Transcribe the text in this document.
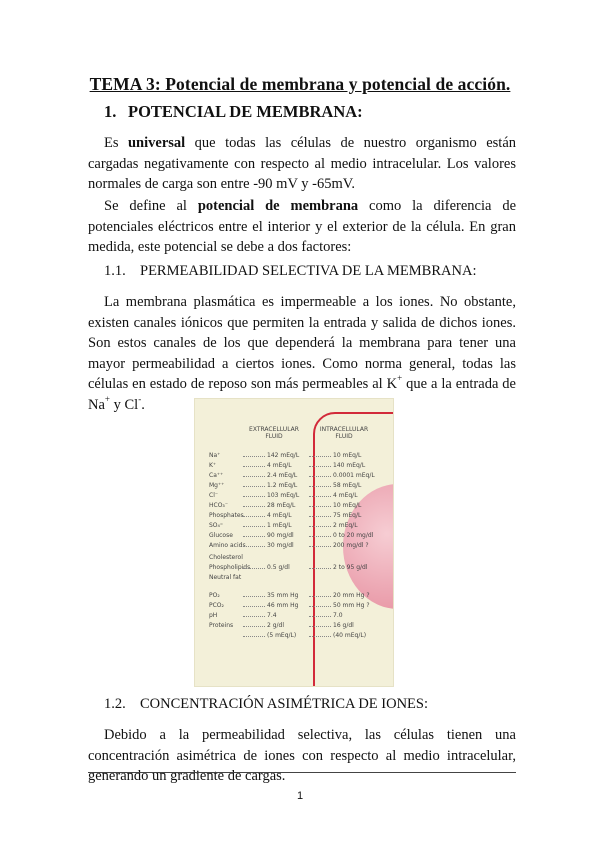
TEMA 3: Potencial de membrana y potencial de acción.
1. POTENCIAL DE MEMBRANA:
Es universal que todas las células de nuestro organismo están cargadas negativamente con respecto al medio intracelular. Los valores normales de carga son entre -90 mV y -65mV.
Se define al potencial de membrana como la diferencia de potenciales eléctricos entre el interior y el exterior de la célula. En gran medida, este potencial se debe a dos factores:
1.1. PERMEABILIDAD SELECTIVA DE LA MEMBRANA:
La membrana plasmática es impermeable a los iones. No obstante, existen canales iónicos que permiten la entrada y salida de dichos iones. Son estos canales de los que dependerá la membrana para tener una mayor permeabilidad a ciertos iones. Como norma general, todas las células en estado de reposo son más permeables al K+ que a la entrada de Na+ y Cl-.
EXTRACELLULAR
FLUID
INTRACELLULAR
FLUID
Na⁺	142 mEq/L	10 mEq/L
K⁺	4 mEq/L	140 mEq/L
Ca⁺⁺	2.4 mEq/L	0.0001 mEq/L
Mg⁺⁺	1.2 mEq/L	58 mEq/L
Cl⁻	103 mEq/L	4 mEq/L
HCO₃⁻	28 mEq/L	10 mEq/L
Phosphates	4 mEq/L	75 mEq/L
SO₄⁼	1 mEq/L	2 mEq/L
Glucose	90 mg/dl	0 to 20 mg/dl
Amino acids	30 mg/dl	200 mg/dl ?
Cholesterol
Phospholipids	0.5 g/dl	2 to 95 g/dl
Neutral fat
PO₂	35 mm Hg	20 mm Hg ?
PCO₂	46 mm Hg	50 mm Hg ?
pH	7.4	7.0
Proteins	2 g/dl	16 g/dl
(5 mEq/L)	(40 mEq/L)
1.2. CONCENTRACIÓN ASIMÉTRICA DE IONES:
Debido a la permeabilidad selectiva, las células tienen una concentración asimétrica de iones con respecto al medio intracelular, generando un gradiente de cargas.
1
